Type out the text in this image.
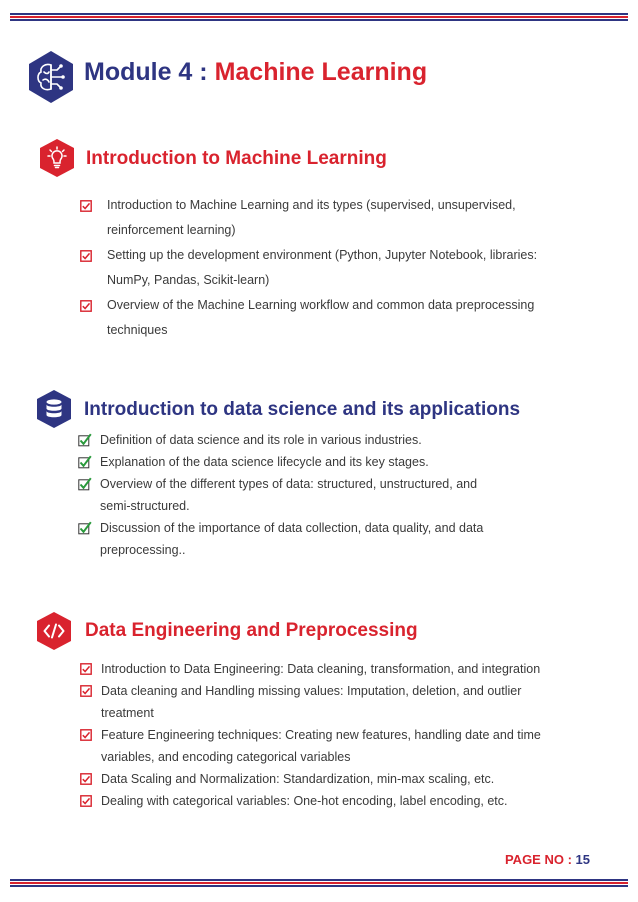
Module 4 : Machine Learning
Introduction to Machine Learning
Introduction to Machine Learning and its types (supervised, unsupervised,
reinforcement learning)
Setting up the development environment (Python, Jupyter Notebook, libraries:
NumPy, Pandas, Scikit-learn)
Overview of the Machine Learning workflow and common data preprocessing
techniques
Introduction to data science and its applications
Definition of data science and its role in various industries.
Explanation of the data science lifecycle and its key stages.
Overview of the different types of data: structured, unstructured, and
semi-structured.
Discussion of the importance of data collection, data quality, and data
preprocessing..
Data Engineering and Preprocessing
Introduction to Data Engineering: Data cleaning, transformation, and integration
Data cleaning and Handling missing values: Imputation, deletion, and outlier
treatment
Feature Engineering techniques: Creating new features, handling date and time
variables, and encoding categorical variables
Data Scaling and Normalization: Standardization, min-max scaling, etc.
Dealing with categorical variables: One-hot encoding, label encoding, etc.
PAGE NO : 15
